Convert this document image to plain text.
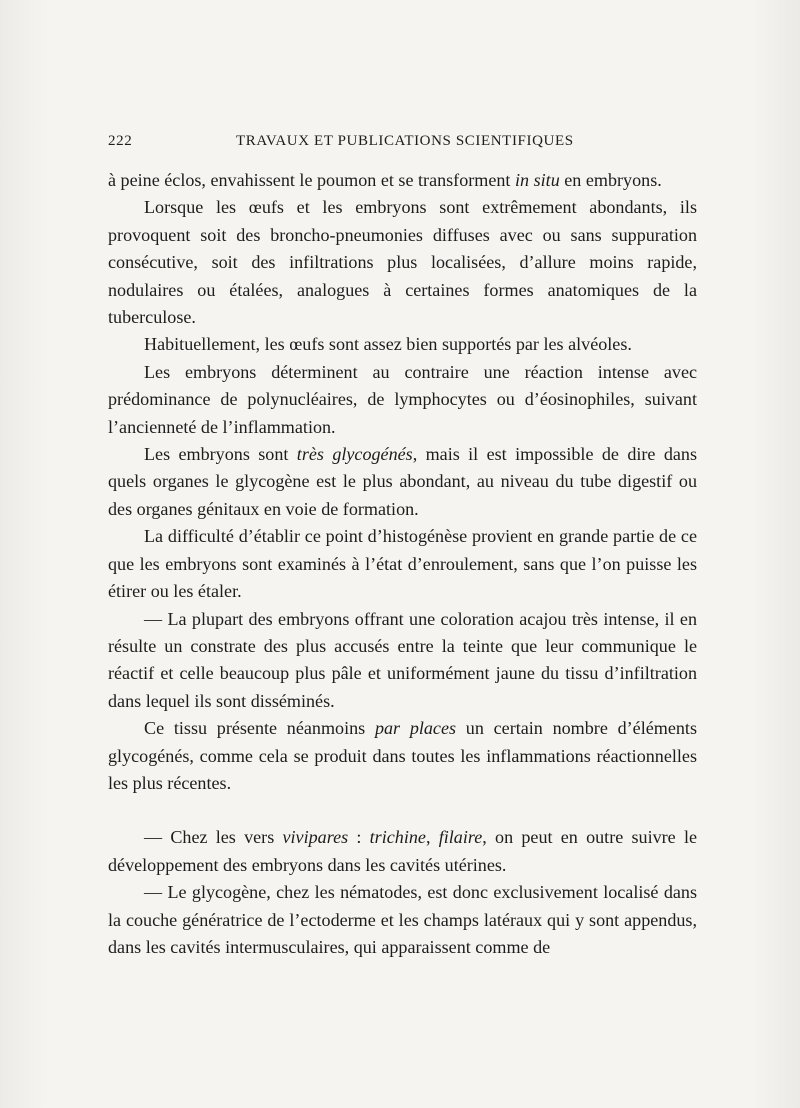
222	TRAVAUX ET PUBLICATIONS SCIENTIFIQUES

à peine éclos, envahissent le poumon et se transforment in situ en embryons.

Lorsque les œufs et les embryons sont extrêmement abondants, ils provoquent soit des broncho-pneumonies diffuses avec ou sans suppuration consécutive, soit des infiltrations plus localisées, d’allure moins rapide, nodulaires ou étalées, analogues à certaines formes anatomiques de la tuberculose.

Habituellement, les œufs sont assez bien supportés par les alvéoles.

Les embryons déterminent au contraire une réaction intense avec prédominance de polynucléaires, de lymphocytes ou d’éosinophiles, suivant l’ancienneté de l’inflammation.

Les embryons sont très glycogénés, mais il est impossible de dire dans quels organes le glycogène est le plus abondant, au niveau du tube digestif ou des organes génitaux en voie de formation.

La difficulté d’établir ce point d’histogénèse provient en grande partie de ce que les embryons sont examinés à l’état d’enroulement, sans que l’on puisse les étirer ou les étaler.

— La plupart des embryons offrant une coloration acajou très intense, il en résulte un constrate des plus accusés entre la teinte que leur communique le réactif et celle beaucoup plus pâle et uniformément jaune du tissu d’infiltration dans lequel ils sont disséminés.

Ce tissu présente néanmoins par places un certain nombre d’éléments glycogénés, comme cela se produit dans toutes les inflammations réactionnelles les plus récentes.

— Chez les vers vivipares : trichine, filaire, on peut en outre suivre le développement des embryons dans les cavités utérines.

— Le glycogène, chez les nématodes, est donc exclusivement localisé dans la couche génératrice de l’ectoderme et les champs latéraux qui y sont appendus, dans les cavités intermusculaires, qui apparaissent comme de
